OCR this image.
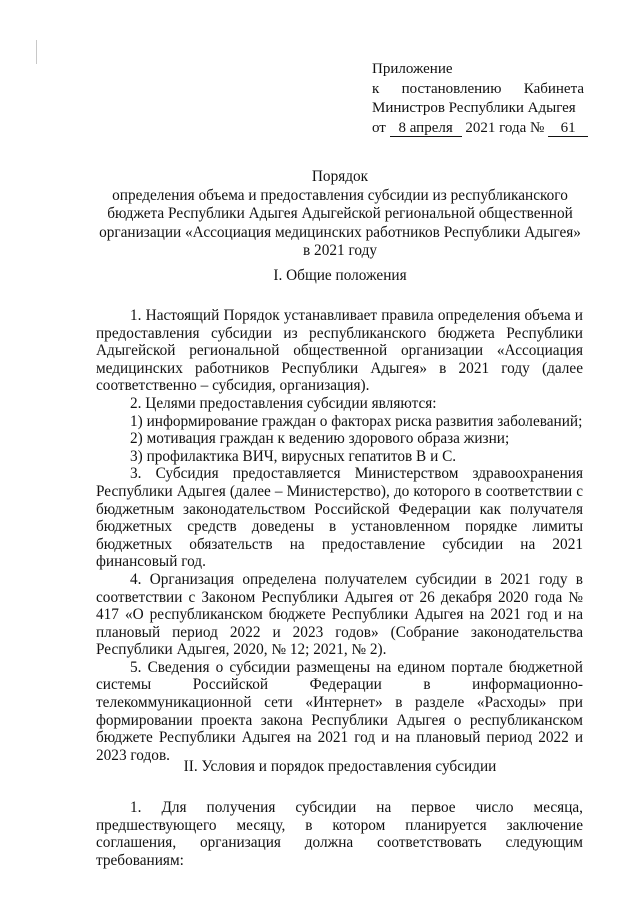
Приложение
к постановлению Кабинета
Министров Республики Адыгея
от 8 апреля 2021 года № 61
Порядок
определения объема и предоставления субсидии из республиканского
бюджета Республики Адыгея Адыгейской региональной общественной
организации «Ассоциация медицинских работников Республики Адыгея»
в 2021 году
I. Общие положения

1. Настоящий Порядок устанавливает правила определения объема и предоставления субсидии из республиканского бюджета Республики Адыгейской региональной общественной организации «Ассоциация медицинских работников Республики Адыгея» в 2021 году (далее соответственно – субсидия, организация).

2. Целями предоставления субсидии являются:

1) информирование граждан о факторах риска развития заболеваний;

2) мотивация граждан к ведению здорового образа жизни;

3) профилактика ВИЧ, вирусных гепатитов В и С.

3. Субсидия предоставляется Министерством здравоохранения Республики Адыгея (далее – Министерство), до которого в соответствии с бюджетным законодательством Российской Федерации как получателя бюджетных средств доведены в установленном порядке лимиты бюджетных обязательств на предоставление субсидии на 2021 финансовый год.

4. Организация определена получателем субсидии в 2021 году в соответствии с Законом Республики Адыгея от 26 декабря 2020 года № 417 «О республиканском бюджете Республики Адыгея на 2021 год и на плановый период 2022 и 2023 годов» (Собрание законодательства Республики Адыгея, 2020, № 12; 2021, № 2).

5. Сведения о субсидии размещены на едином портале бюджетной системы Российской Федерации в информационно-телекоммуникационной сети «Интернет» в разделе «Расходы» при формировании проекта закона Республики Адыгея о республиканском бюджете Республики Адыгея на 2021 год и на плановый период 2022 и 2023 годов.

II. Условия и порядок предоставления субсидии

1. Для получения субсидии на первое число месяца, предшествующего месяцу, в котором планируется заключение соглашения, организация должна соответствовать следующим требованиям:
